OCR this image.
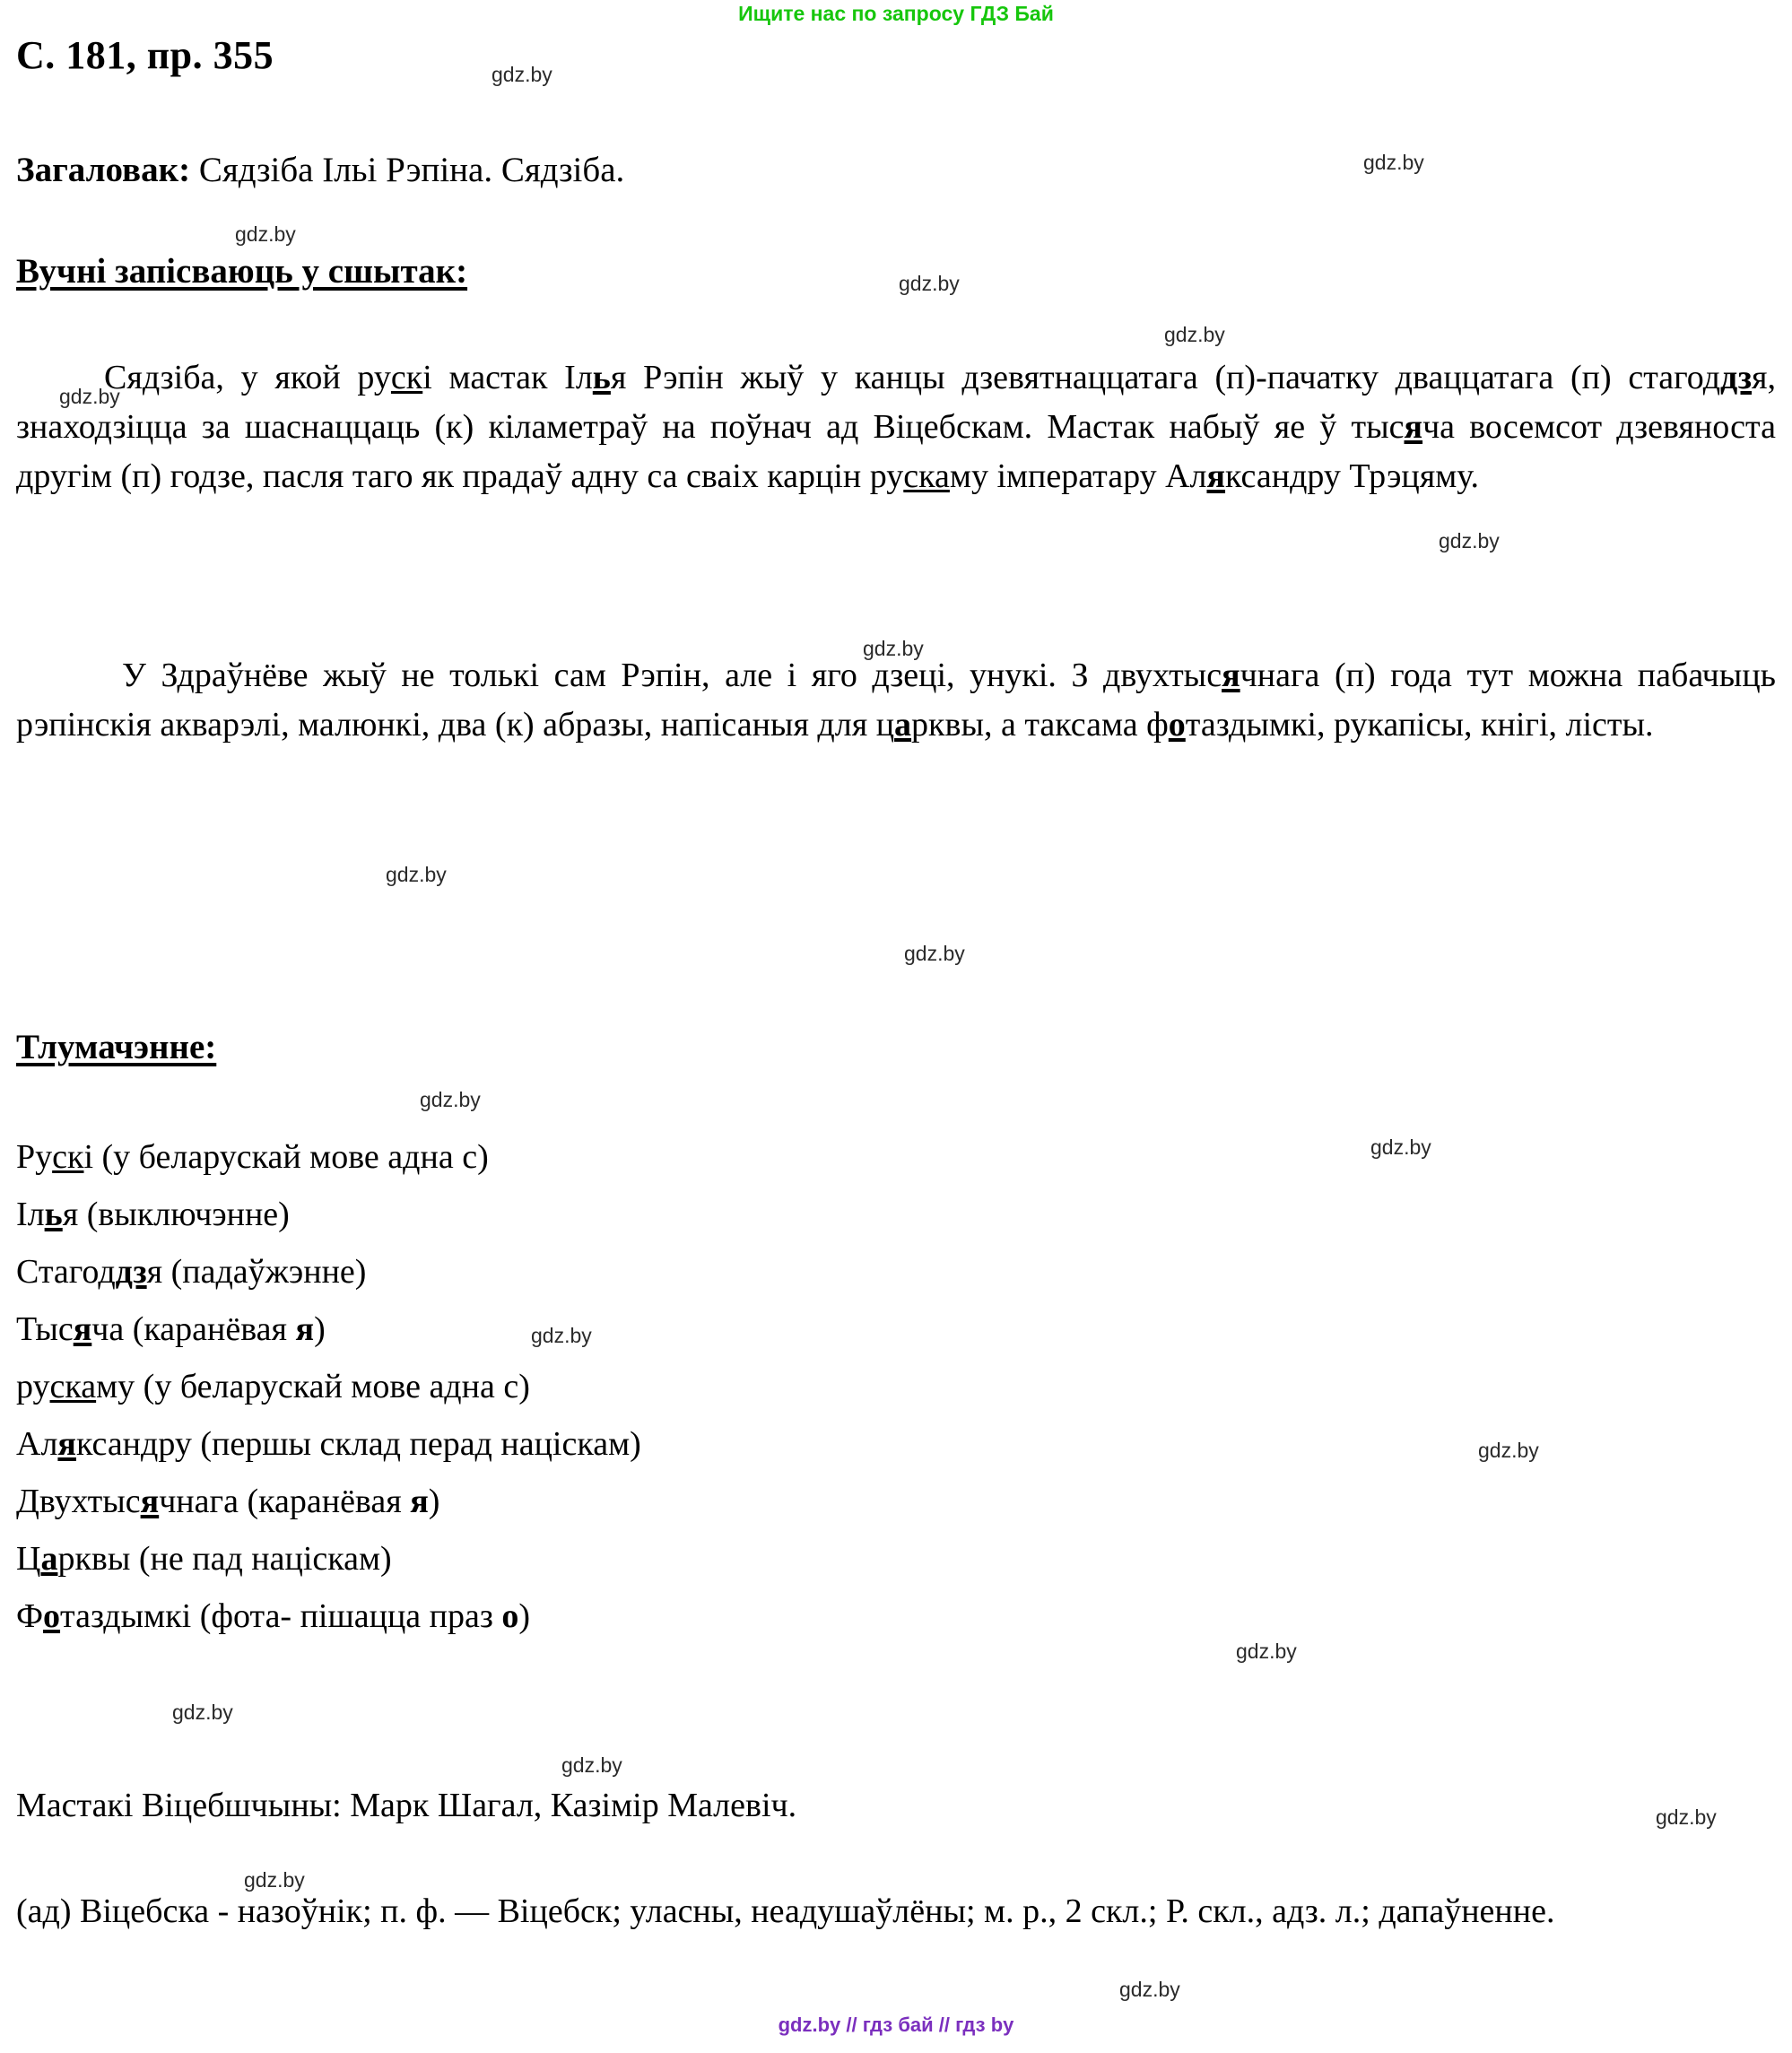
Ищите нас по запросу ГДЗ Бай
С. 181, пр. 355
Загаловак: Сядзіба Ільі Рэпіна. Сядзіба.
Вучні запісваюць у сшытак:
Сядзіба, у якой рускі мастак Ілья Рэпін жыў у канцы дзевятнаццатага (п)-пачатку дваццатага (п) стагоддзя, знаходзіцца за шаснаццаць (к) кіламетраў на поўнач ад Віцебскам. Мастак набыў яе ў тысяча восемсот дзевяноста другім (п) годзе, пасля таго як прадаў адну са сваіх карцін рускаму імператару Аляксандру Трэцяму.
У Здраўнёве жыў не толькі сам Рэпін, але і яго дзеці, унукі. З двухтысячнага (п) года тут можна пабачыць рэпінскія акварэлі, малюнкі, два (к) абразы, напісаныя для царквы, а таксама фотаздымкі, рукапісы, кнігі, лісты.
Тлумачэнне:
Рускі (у беларускай мове адна с)
Ілья (выключэнне)
Стагоддзя (падаўжэнне)
Тысяча (каранёвая я)
рускаму (у беларускай мове адна с)
Аляксандру (першы склад перад націскам)
Двухтысячнага (каранёвая я)
Царквы (не пад націскам)
Фотаздымкі (фота- пішацца праз о)
Мастакі Віцебшчыны: Марк Шагал, Казімір Малевіч.
(ад) Віцебска - назоўнік; п. ф. — Віцебск; уласны, неадушаўлёны; м. р., 2 скл.; Р. скл., адз. л.; дапаўненне.
gdz.by // гдз бай // гдз by
gdz.by
gdz.by
gdz.by
gdz.by
gdz.by
gdz.by
gdz.by
gdz.by
gdz.by
gdz.by
gdz.by
gdz.by
gdz.by
gdz.by
gdz.by
gdz.by
gdz.by
gdz.by
gdz.by
gdz.by
